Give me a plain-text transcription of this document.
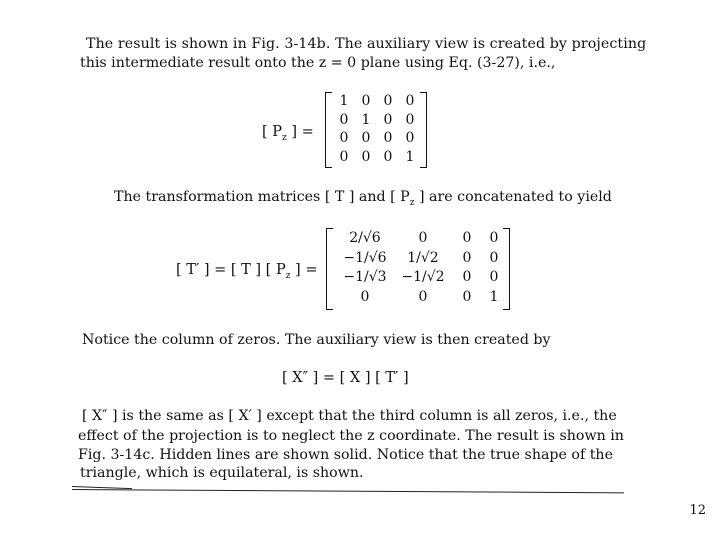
The result is shown in Fig. 3-14b. The auxiliary view is created by projecting
this intermediate result onto the z = 0 plane using Eq. (3-27), i.e.,
[ $P_z$ ] =
1 0 0 0
0 1 0 0
0 0 0 0
0 0 0 1
The transformation matrices [ T ] and [ $P_z$ ] are concatenated to yield
[ T′ ] = [ T ] [ $P_z$ ] =
2/√6	0	0	0
−1/√6	1/√2	0	0
−1/√3	−1/√2	0	0
0	0	0	1
Notice the column of zeros. The auxiliary view is then created by
[ X″ ] = [ X ] [ T′ ]
[ X″ ] is the same as [ X′ ] except that the third column is all zeros, i.e., the
effect of the projection is to neglect the z coordinate. The result is shown in
Fig. 3-14c. Hidden lines are shown solid. Notice that the true shape of the
triangle, which is equilateral, is shown.
12
